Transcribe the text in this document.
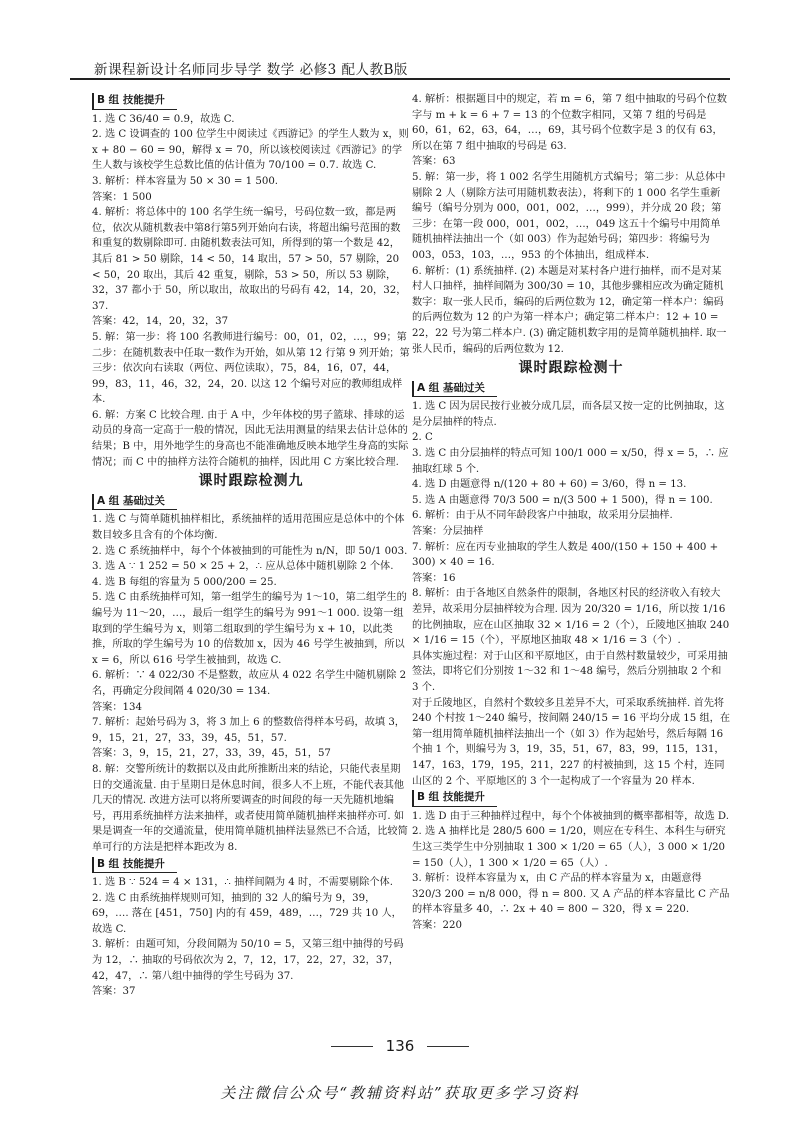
新课程新设计名师同步导学 数学 必修3 配人教B版
B 组 技能提升
1. 选 C 36/40 = 0.9，故选 C.
2. 选 C 设调查的 100 位学生中阅读过《西游记》的学生人数为 x，则 x + 80 − 60 = 90，解得 x = 70，所以该校阅读过《西游记》的学生人数与该校学生总数比值的估计值为 70/100 = 0.7. 故选 C.
3. 解析：样本容量为 50 × 30 = 1 500.
答案：1 500
4. 解析：将总体中的 100 名学生统一编号，号码位数一致，都是两位，依次从随机数表中第8行第5列开始向右读，将超出编号范围的数和重复的数剔除即可. 由随机数表法可知，所得到的第一个数是 42，其后 81 > 50 剔除，14 < 50，14 取出，57 > 50，57 剔除，20 < 50，20 取出，其后 42 重复，剔除，53 > 50，所以 53 剔除，32，37 都小于 50，所以取出，故取出的号码有 42，14，20，32，37.
答案：42，14，20，32，37
5. 解：第一步：将 100 名教师进行编号：00，01，02，…，99；第二步：在随机数表中任取一数作为开始，如从第 12 行第 9 列开始；第三步：依次向右读取（两位、两位读取），75，84，16，07，44，99，83，11，46，32，24，20. 以这 12 个编号对应的教师组成样本.
6. 解：方案 C 比较合理. 由于 A 中，少年体校的男子篮球、排球的运动员的身高一定高于一般的情况，因此无法用测量的结果去估计总体的结果；B 中，用外地学生的身高也不能准确地反映本地学生身高的实际情况；而 C 中的抽样方法符合随机的抽样，因此用 C 方案比较合理.
课时跟踪检测九
A 组 基础过关
1. 选 C 与简单随机抽样相比，系统抽样的适用范围应是总体中的个体数目较多且含有的个体均衡.
2. 选 C 系统抽样中，每个个体被抽到的可能性为 n/N，即 50/1 003.
3. 选 A ∵ 1 252 = 50 × 25 + 2，∴ 应从总体中随机剔除 2 个体.
4. 选 B 每组的容量为 5 000/200 = 25.
5. 选 C 由系统抽样可知，第一组学生的编号为 1～10，第二组学生的编号为 11～20，…，最后一组学生的编号为 991～1 000. 设第一组取到的学生编号为 x，则第二组取到的学生编号为 x + 10，以此类推，所取的学生编号为 10 的倍数加 x，因为 46 号学生被抽到，所以 x = 6，所以 616 号学生被抽到，故选 C.
6. 解析：∵ 4 022/30 不是整数，故应从 4 022 名学生中随机剔除 2 名，再确定分段间隔 4 020/30 = 134.
答案：134
7. 解析：起始号码为 3，将 3 加上 6 的整数倍得样本号码，故填 3，9，15，21，27，33，39，45，51，57.
答案：3，9，15，21，27，33，39，45，51，57
8. 解：交警所统计的数据以及由此所推断出来的结论，只能代表星期日的交通流量. 由于星期日是休息时间，很多人不上班，不能代表其他几天的情况. 改进方法可以将所要调查的时间段的每一天先随机地编号，再用系统抽样方法来抽样，或者使用简单随机抽样来抽样亦可. 如果是调查一年的交通流量，使用简单随机抽样法显然已不合适，比较简单可行的方法是把样本距改为 8.
B 组 技能提升
1. 选 B ∵ 524 = 4 × 131，∴ 抽样间隔为 4 时，不需要剔除个体.
2. 选 C 由系统抽样规则可知，抽到的 32 人的编号为 9，39，69，…. 落在 [451，750] 内的有 459，489，…，729 共 10 人，故选 C.
3. 解析：由题可知，分段间隔为 50/10 = 5，又第三组中抽得的号码为 12，∴ 抽取的号码依次为 2，7，12，17，22，27，32，37，42，47，∴ 第八组中抽得的学生号码为 37.
答案：37
4. 解析：根据题目中的规定，若 m = 6，第 7 组中抽取的号码个位数字与 m + k = 6 + 7 = 13 的个位数字相同，又第 7 组的号码是 60，61，62，63，64，…，69，其号码个位数字是 3 的仅有 63，所以在第 7 组中抽取的号码是 63.
答案：63
5. 解：第一步，将 1 002 名学生用随机方式编号；第二步：从总体中剔除 2 人（剔除方法可用随机数表法），将剩下的 1 000 名学生重新编号（编号分别为 000，001，002，…，999），并分成 20 段；第三步：在第一段 000，001，002，…，049 这五十个编号中用简单随机抽样法抽出一个（如 003）作为起始号码；第四步：将编号为 003，053，103，…，953 的个体抽出，组成样本.
6. 解析：(1) 系统抽样. (2) 本题是对某村各户进行抽样，而不是对某村人口抽样，抽样间隔为 300/30 = 10，其他步骤相应改为确定随机数字：取一张人民币，编码的后两位数为 12，确定第一样本户：编码的后两位数为 12 的户为第一样本户；确定第二样本户：12 + 10 = 22，22 号为第二样本户. (3) 确定随机数字用的是简单随机抽样. 取一张人民币，编码的后两位数为 12.
课时跟踪检测十
A 组 基础过关
1. 选 C 因为居民按行业被分成几层，而各层又按一定的比例抽取，这是分层抽样的特点.
2. C
3. 选 C 由分层抽样的特点可知 100/1 000 = x/50，得 x = 5，∴ 应抽取红球 5 个.
4. 选 D 由题意得 n/(120 + 80 + 60) = 3/60，得 n = 13.
5. 选 A 由题意得 70/3 500 = n/(3 500 + 1 500)，得 n = 100.
6. 解析：由于从不同年龄段客户中抽取，故采用分层抽样.
答案：分层抽样
7. 解析：应在丙专业抽取的学生人数是 400/(150 + 150 + 400 + 300) × 40 = 16.
答案：16
8. 解析：由于各地区自然条件的限制，各地区村民的经济收入有较大差异，故采用分层抽样较为合理. 因为 20/320 = 1/16，所以按 1/16 的比例抽取，应在山区抽取 32 × 1/16 = 2（个），丘陵地区抽取 240 × 1/16 = 15（个），平原地区抽取 48 × 1/16 = 3（个）.
具体实施过程：对于山区和平原地区，由于自然村数量较少，可采用抽签法，即将它们分别按 1～32 和 1～48 编号，然后分别抽取 2 个和 3 个.
对于丘陵地区，自然村个数较多且差异不大，可采取系统抽样. 首先将 240 个村按 1～240 编号，按间隔 240/15 = 16 平均分成 15 组，在第一组用简单随机抽样法抽出一个（如 3）作为起始号，然后每隔 16 个抽 1 个，则编号为 3，19，35，51，67，83，99，115，131，147，163，179，195，211，227 的村被抽到，这 15 个村，连同山区的 2 个、平原地区的 3 个一起构成了一个容量为 20 样本.
B 组 技能提升
1. 选 D 由于三种抽样过程中，每个个体被抽到的概率都相等，故选 D.
2. 选 A 抽样比是 280/5 600 = 1/20，则应在专科生、本科生与研究生这三类学生中分别抽取 1 300 × 1/20 = 65（人），3 000 × 1/20 = 150（人），1 300 × 1/20 = 65（人）.
3. 解析：设样本容量为 x，由 C 产品的样本容量为 x，由题意得 320/3 200 = n/8 000，得 n = 800. 又 A 产品的样本容量比 C 产品的样本容量多 40，∴ 2x + 40 = 800 − 320，得 x = 220.
答案：220
136
关注微信公众号“教辅资料站”获取更多学习资料
